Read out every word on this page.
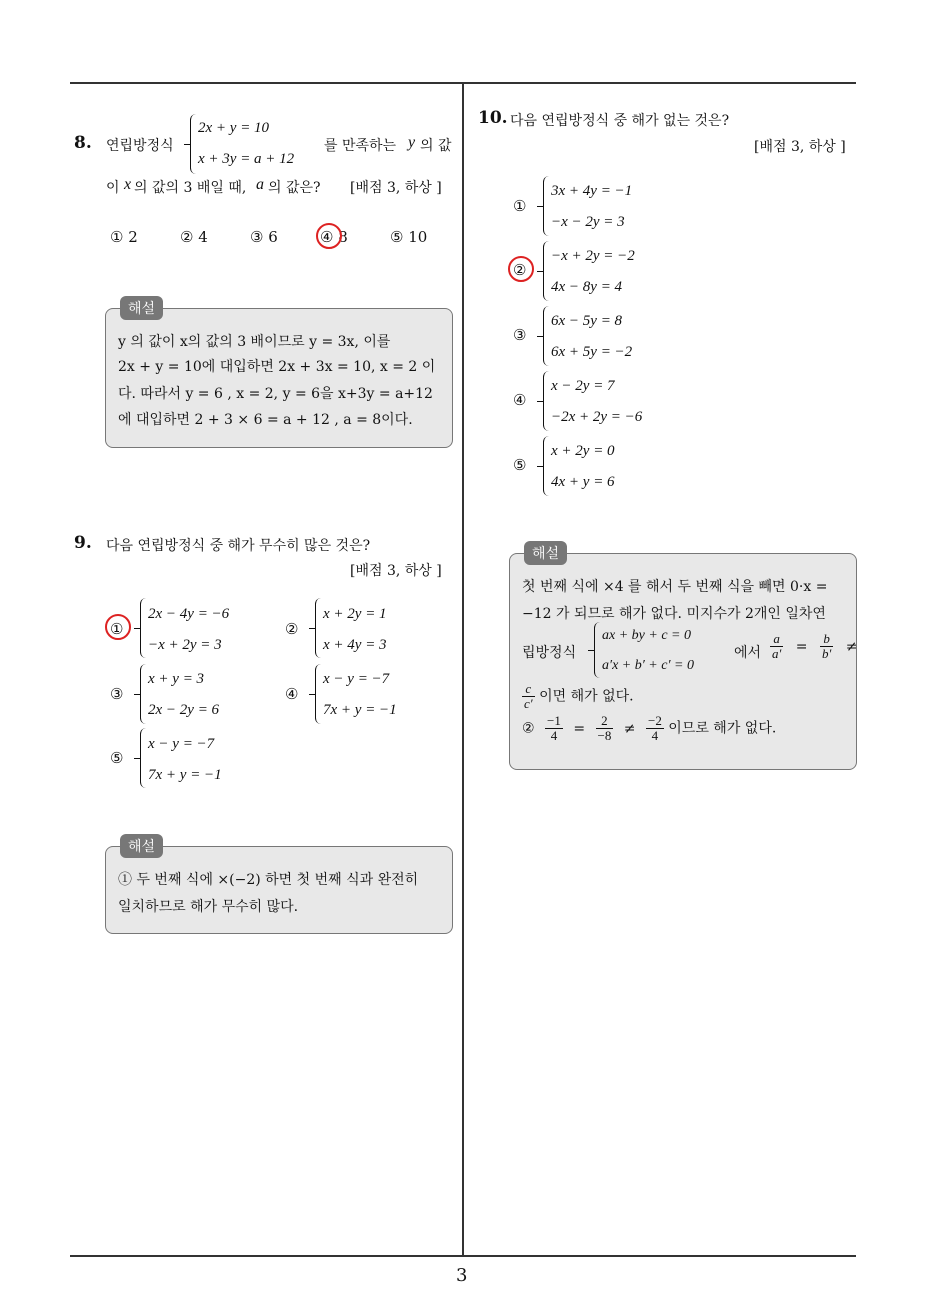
3
8. 연립방정식
2x + y = 10
x + 3y = a + 12
를 만족하는 y 의 값
이 x 의 값의 3 배일 때, a 의 값은? [배점 3, 하상 ]
① 2	② 4	③ 6	④ 8	⑤ 10
y 의 값이 x의 값의 3 배이므로 y = 3x, 이를
2x + y = 10에 대입하면 2x + 3x = 10, x = 2 이
다. 따라서 y = 6 , x = 2, y = 6을 x+3y = a+12
에 대입하면 2 + 3 × 6 = a + 12 , a = 8이다.
해설
9. 다음 연립방정식 중 해가 무수히 많은 것은?
[배점 3, 하상 ]
①
2x − 4y = −6
−x + 2y = 3
②
x + 2y = 1
x + 4y = 3
③
x + y = 3
2x − 2y = 6
④
x − y = −7
7x + y = −1
⑤
x − y = −7
7x + y = −1
① 두 번째 식에 ×(−2) 하면 첫 번째 식과 완전히
일치하므로 해가 무수히 많다.
해설
10. 다음 연립방정식 중 해가 없는 것은?
[배점 3, 하상 ]
①
3x + 4y = −1
−x − 2y = 3
②
−x + 2y = −2
4x − 8y = 4
③
6x − 5y = 8
6x + 5y = −2
④
x − 2y = 7
−2x + 2y = −6
⑤
x + 2y = 0
4x + y = 6
첫 번째 식에 ×4 를 해서 두 번째 식을 빼면 0·x =
−12 가 되므로 해가 없다. 미지수가 2개인 일차연
립방정식
ax + by + c = 0
a′x + b′ + c′ = 0
에서 $\frac{a}{a'} = \frac{b}{b'}$ ≠
$\frac{c}{c'}$ 이면 해가 없다.
② $\frac{-1}{4} = \frac{2}{-8} \ne \frac{-2}{4}$ 이므로 해가 없다.
해설
